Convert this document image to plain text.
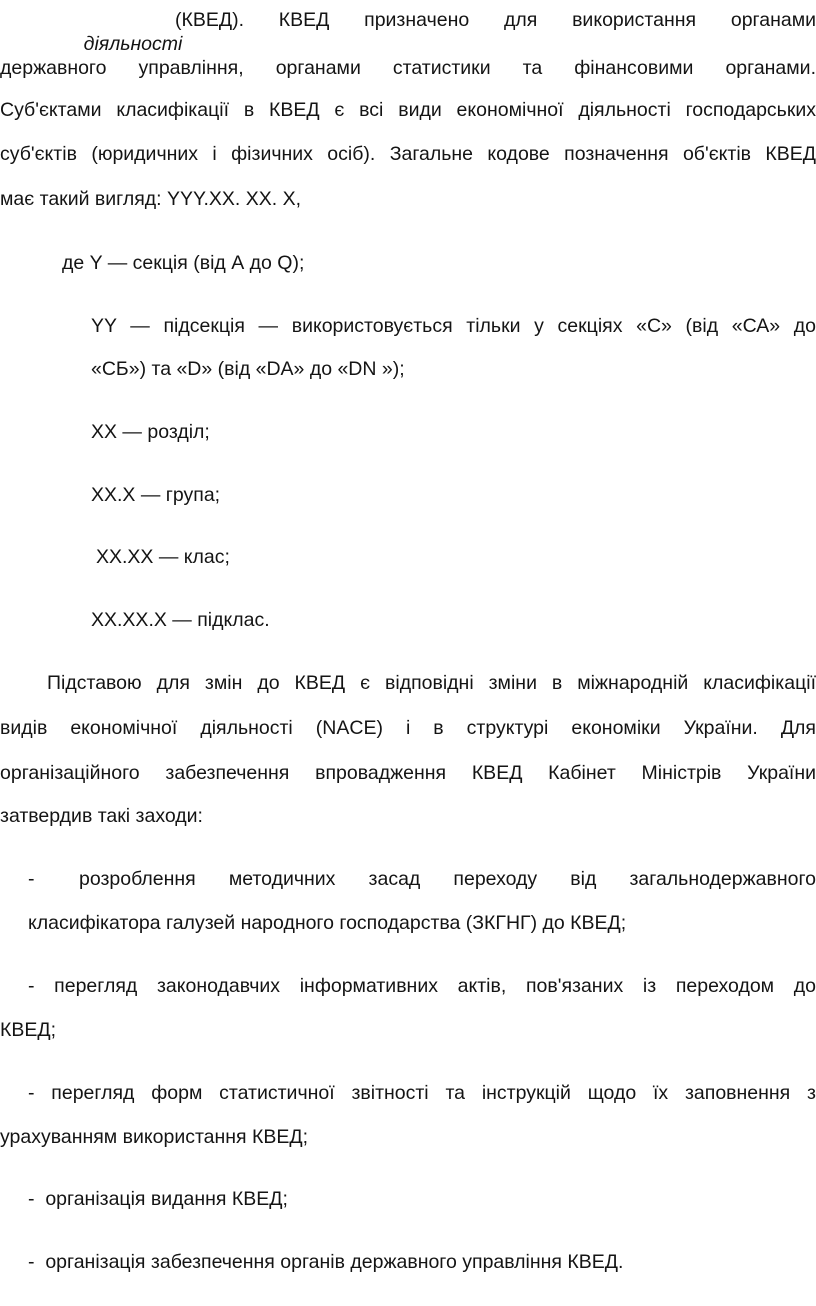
діяльності

(КВЕД). КВЕД призначено для використання органами
державного управління, органами статистики та фінансовими органами.
Суб'єктами класифікації в КВЕД є всі види економічної діяльності господарських
суб'єктів (юридичних і фізичних осіб). Загальне кодове позначення об'єктів КВЕД
має такий вигляд: YYY.XX. XX. X,
де Y — секція (від А до Q);
YY — підсекція — використовується тільки у секціях «С» (від «СА» до
«СБ») та «D» (від «DA» до «DN »);
XX — розділ;
XX.X — група;
XX.XX — клас;
XX.XX.X — підклас.
Підставою для змін до КВЕД є відповідні зміни в міжнародній класифікації
видів економічної діяльності (NACE) і в структурі економіки України. Для
організаційного забезпечення впровадження КВЕД Кабінет Міністрів України
затвердив такі заходи:
- розроблення методичних засад переходу від загальнодержавного
класифікатора галузей народного господарства (ЗКГНГ) до КВЕД;
- перегляд законодавчих інформативних актів, пов'язаних із переходом до
КВЕД;
- перегляд форм статистичної звітності та інструкцій щодо їх заповнення з
урахуванням використання КВЕД;
-  організація видання КВЕД;
-  організація забезпечення органів державного управління КВЕД.
